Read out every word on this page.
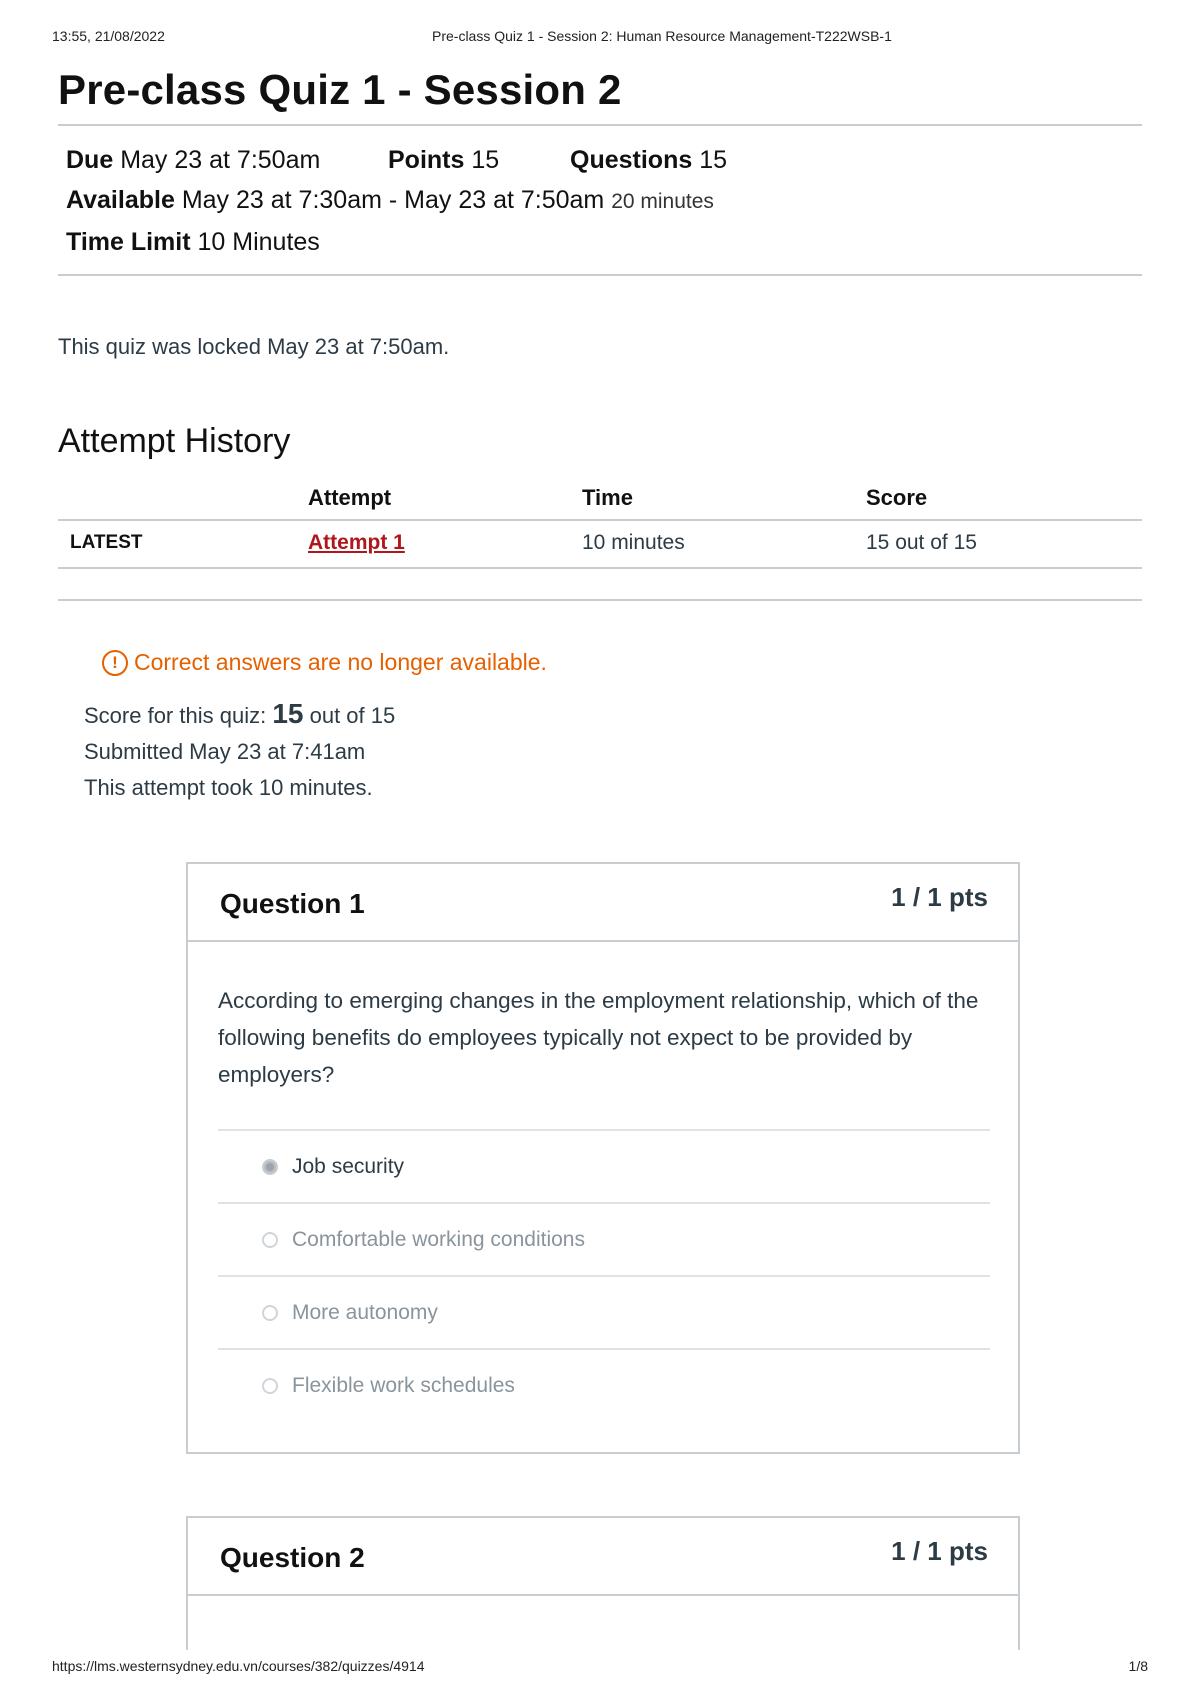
13:55, 21/08/2022	Pre-class Quiz 1 - Session 2: Human Resource Management-T222WSB-1
Pre-class Quiz 1 - Session 2
Due May 23 at 7:50am	Points 15	Questions 15
Available May 23 at 7:30am - May 23 at 7:50am 20 minutes
Time Limit 10 Minutes
This quiz was locked May 23 at 7:50am.
Attempt History
	Attempt	Time	Score
LATEST	Attempt 1	10 minutes	15 out of 15
! Correct answers are no longer available.
Score for this quiz: 15 out of 15
Submitted May 23 at 7:41am
This attempt took 10 minutes.
Question 1	1 / 1 pts
According to emerging changes in the employment relationship, which of the following benefits do employees typically not expect to be provided by employers?
Job security
Comfortable working conditions
More autonomy
Flexible work schedules
Question 2	1 / 1 pts
https://lms.westernsydney.edu.vn/courses/382/quizzes/4914	1/8
